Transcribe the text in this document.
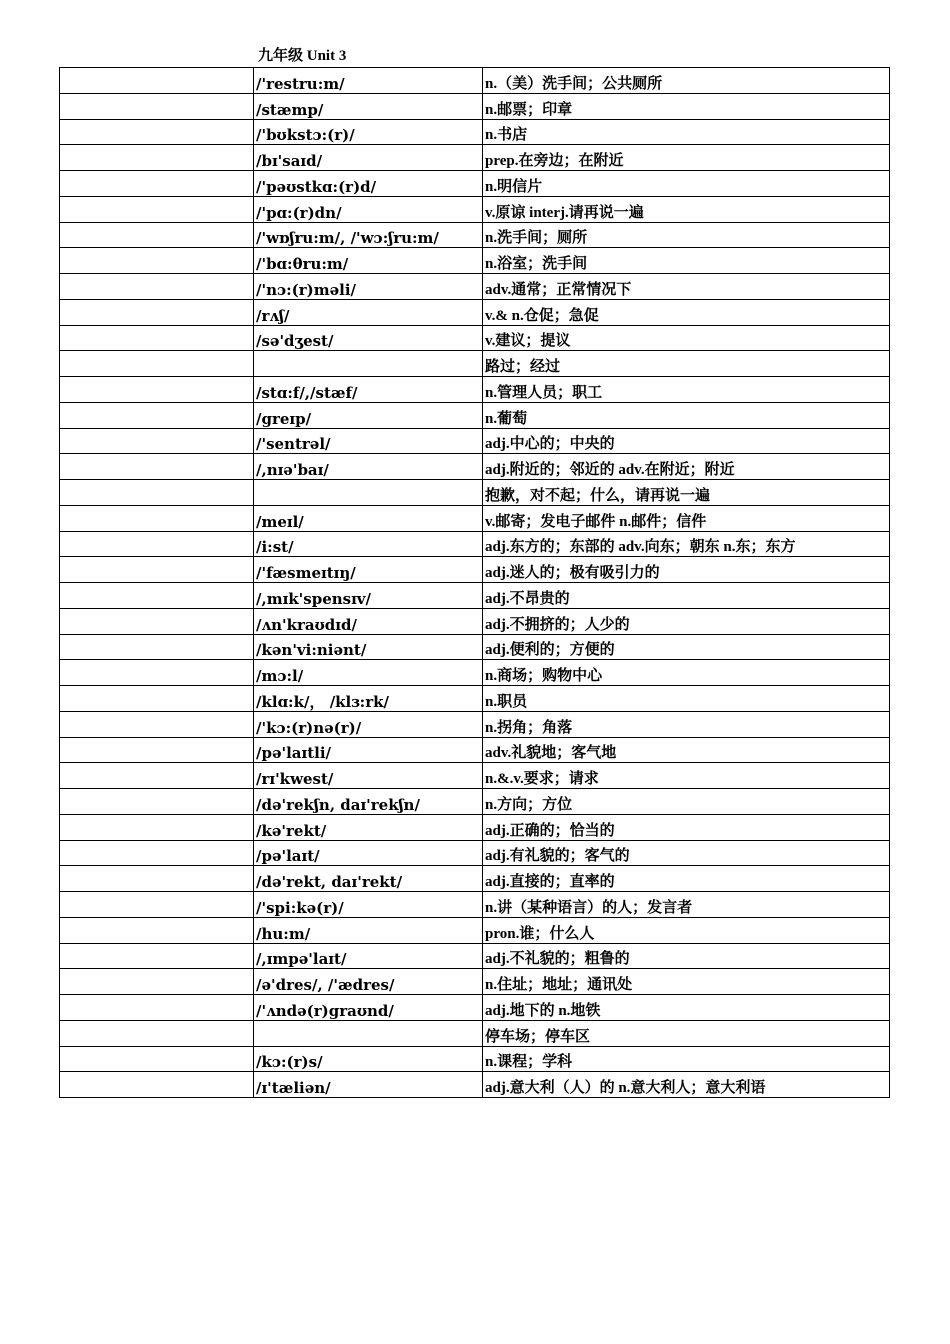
九年级 Unit 3
	/'restru:m/	n.（美）洗手间；公共厕所
	/stæmp/	n.邮票；印章
	/'bʊkstɔ:(r)/	n.书店
	/bɪ'saɪd/	prep.在旁边；在附近
	/'pəʊstkɑ:(r)d/	n.明信片
	/'pɑ:(r)dn/	v.原谅 interj.请再说一遍
	/'wɒʃru:m/, /'wɔ:ʃru:m/	n.洗手间；厕所
	/'bɑ:θru:m/	n.浴室；洗手间
	/'nɔ:(r)məli/	adv.通常；正常情况下
	/rʌʃ/	v.& n.仓促；急促
	/sə'dʒest/	v.建议；提议
		路过；经过
	/stɑ:f/,/stæf/	n.管理人员；职工
	/greɪp/	n.葡萄
	/'sentrəl/	adj.中心的；中央的
	/,nɪə'baɪ/	adj.附近的；邻近的 adv.在附近；附近
		抱歉，对不起；什么，请再说一遍
	/meɪl/	v.邮寄；发电子邮件 n.邮件；信件
	/i:st/	adj.东方的；东部的 adv.向东；朝东 n.东；东方
	/'fæsmeɪtɪŋ/	adj.迷人的；极有吸引力的
	/,mɪk'spensɪv/	adj.不昂贵的
	/ʌn'kraʊdɪd/	adj.不拥挤的；人少的
	/kən'vi:niənt/	adj.便利的；方便的
	/mɔ:l/	n.商场；购物中心
	/klɑ:k/， /klɜ:rk/	n.职员
	/'kɔ:(r)nə(r)/	n.拐角；角落
	/pə'laɪtli/	adv.礼貌地；客气地
	/rɪ'kwest/	n.&.v.要求；请求
	/də'rekʃn, daɪ'rekʃn/	n.方向；方位
	/kə'rekt/	adj.正确的；恰当的
	/pə'laɪt/	adj.有礼貌的；客气的
	/də'rekt, daɪ'rekt/	adj.直接的；直率的
	/'spi:kə(r)/	n.讲（某种语言）的人；发言者
	/hu:m/	pron.谁；什么人
	/,ɪmpə'laɪt/	adj.不礼貌的；粗鲁的
	/ə'dres/, /'ædres/	n.住址；地址；通讯处
	/'ʌndə(r)graʊnd/	adj.地下的 n.地铁
		停车场；停车区
	/kɔ:(r)s/	n.课程；学科
	/ɪ'tæliən/	adj.意大利（人）的 n.意大利人；意大利语
